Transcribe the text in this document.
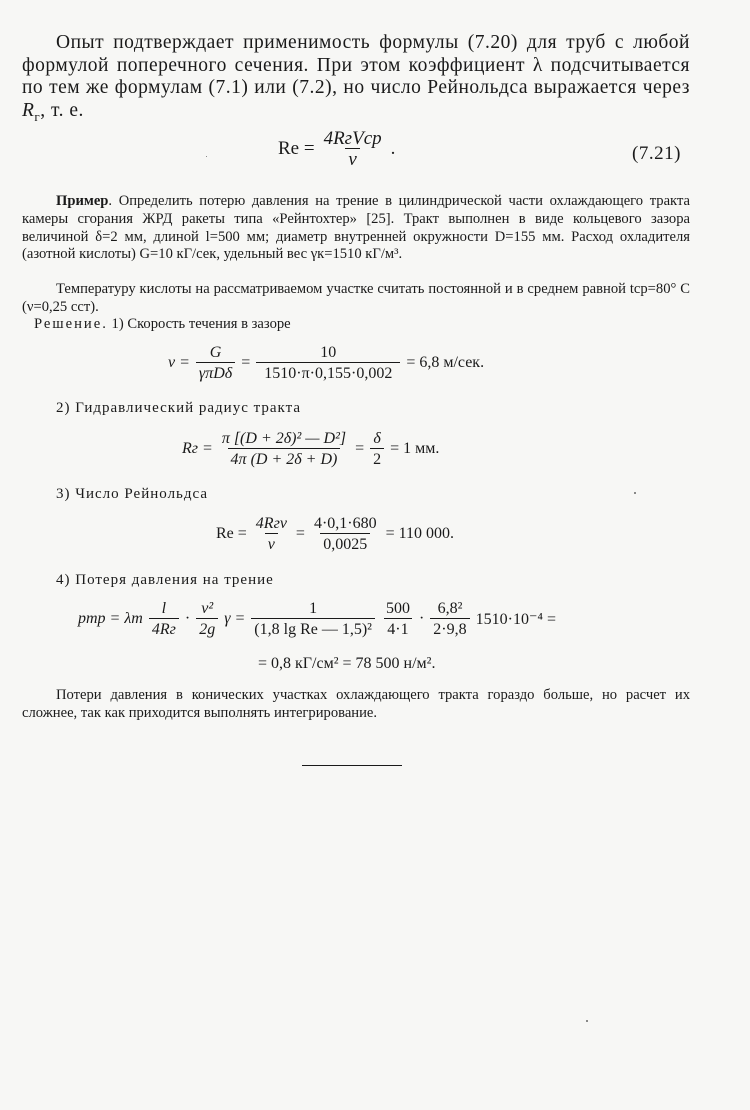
Опыт подтверждает применимость формулы (7.20) для труб с любой формулой поперечного сечения. При этом коэффициент λ подсчитывается по тем же формулам (7.1) или (7.2), но число Рейнольдса выражается через $R_г$, т. е.

$Re = \frac{\text{4RгVср}}{\nu}$ .	(7.21)

Пример. Определить потерю давления на трение в цилиндрической части охлаждающего тракта камеры сгорания ЖРД ракеты типа «Рейнтохтер» [25]. Тракт выполнен в виде кольцевого зазора величиной δ=2 мм, длиной l=500 мм; диаметр внутренней окружности D=155 мм. Расход охладителя (азотной кислоты) G=10 кГ/сек, удельный вес γк=1510 кГ/м³.

Температуру кислоты на рассматриваемом участке считать постоянной и в среднем равной tср=80° С (ν=0,25 сст).

Решение. 1) Скорость течения в зазоре

$v = \frac{G}{\text{γπDδ}} = \frac{10}{1510\cdot\pi\cdot 0,155\cdot 0,002} = 6,8$ м/сек.

2) Гидравлический радиус тракта

Rг = $\frac{\text{π [(D + 2δ)² — D²]}}{4\pi (D + 2\delta + D)} = \frac{\delta}{2} = 1$ мм.

3) Число Рейнольдса

$Re = \frac{\text{4Rгv}}{\nu} = \frac{4\cdot 0,1\cdot 680}{0,0025} = 110$ 000.

4) Потеря давления на трение

pтр = λт $\frac{l}{4Rг} \cdot \frac{\text{v²}}{2g}$ $\gamma = \frac{1}{\text{(1,8 lg Re — 1,5)²}} \frac{500}{4\cdot 1} \cdot \frac{\text{6,8²}}{2\cdot 9,8} 1510\cdot 10^{-4}$ =
= 0,8 кГ/см² = 78 500 н/м².

Потери давления в конических участках охлаждающего тракта гораздо больше, но расчет их сложнее, так как приходится выполнять интегрирование.
